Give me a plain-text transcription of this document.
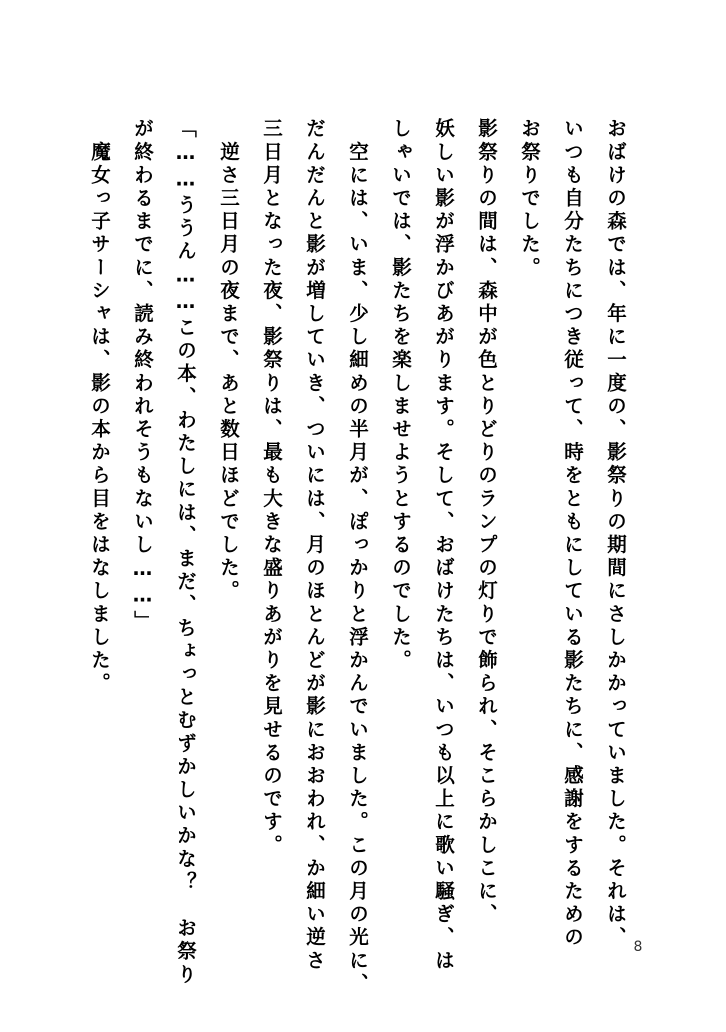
おばけの森では、年に一度の、影祭りの期間にさしかかっていました。それは、
いつも自分たちにつき従って、時をともにしている影たちに、感謝をするための
お祭りでした。
影祭りの間は、森中が色とりどりのランプの灯りで飾られ、そこらかしこに、
妖しい影が浮かびあがります。そして、おばけたちは、いつも以上に歌い騒ぎ、は
しゃいでは、影たちを楽しませようとするのでした。
　空には、いま、少し細めの半月が、ぽっかりと浮かんでいました。この月の光に、
だんだんと影が増していき、ついには、月のほとんどが影におおわれ、か細い逆さ
三日月となった夜、影祭りは、最も大きな盛りあがりを見せるのです。
　逆さ三日月の夜まで、あと数日ほどでした。
「……ううん……この本、わたしには、まだ、ちょっとむずかしいかな？　お祭り
が終わるまでに、読み終われそうもないし……」
　魔女っ子サーシャは、影の本から目をはなしました。
8
